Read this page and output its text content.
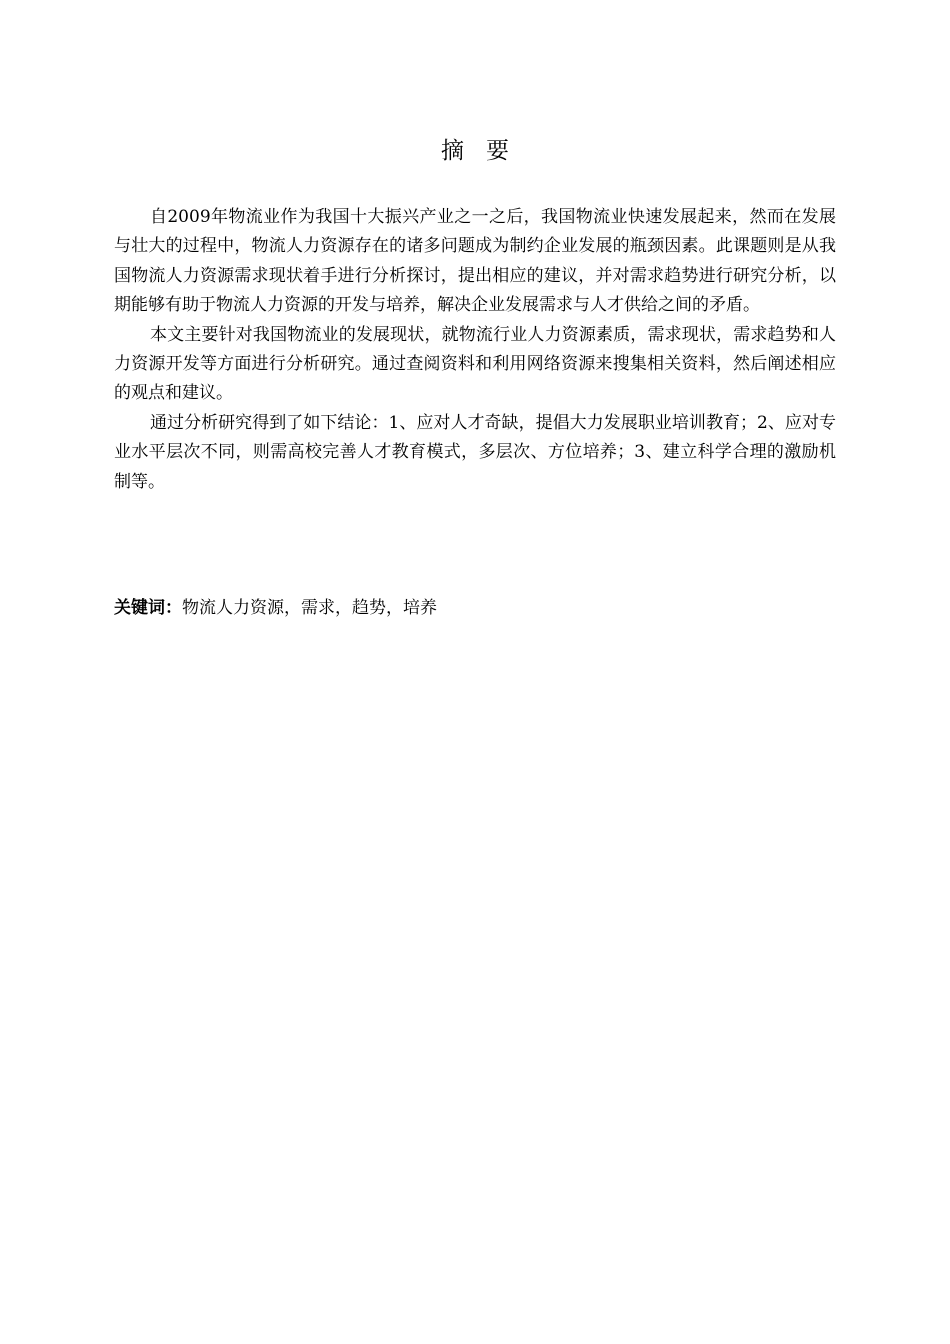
摘要

自2009年物流业作为我国十大振兴产业之一之后，我国物流业快速发展起来，然而在发展与壮大的过程中，物流人力资源存在的诸多问题成为制约企业发展的瓶颈因素。此课题则是从我国物流人力资源需求现状着手进行分析探讨，提出相应的建议，并对需求趋势进行研究分析，以期能够有助于物流人力资源的开发与培养，解决企业发展需求与人才供给之间的矛盾。

本文主要针对我国物流业的发展现状，就物流行业人力资源素质，需求现状，需求趋势和人力资源开发等方面进行分析研究。通过查阅资料和利用网络资源来搜集相关资料，然后阐述相应的观点和建议。

通过分析研究得到了如下结论：1、应对人才奇缺，提倡大力发展职业培训教育；2、应对专业水平层次不同，则需高校完善人才教育模式，多层次、方位培养；3、建立科学合理的激励机制等。

关键词：物流人力资源，需求，趋势，培养
